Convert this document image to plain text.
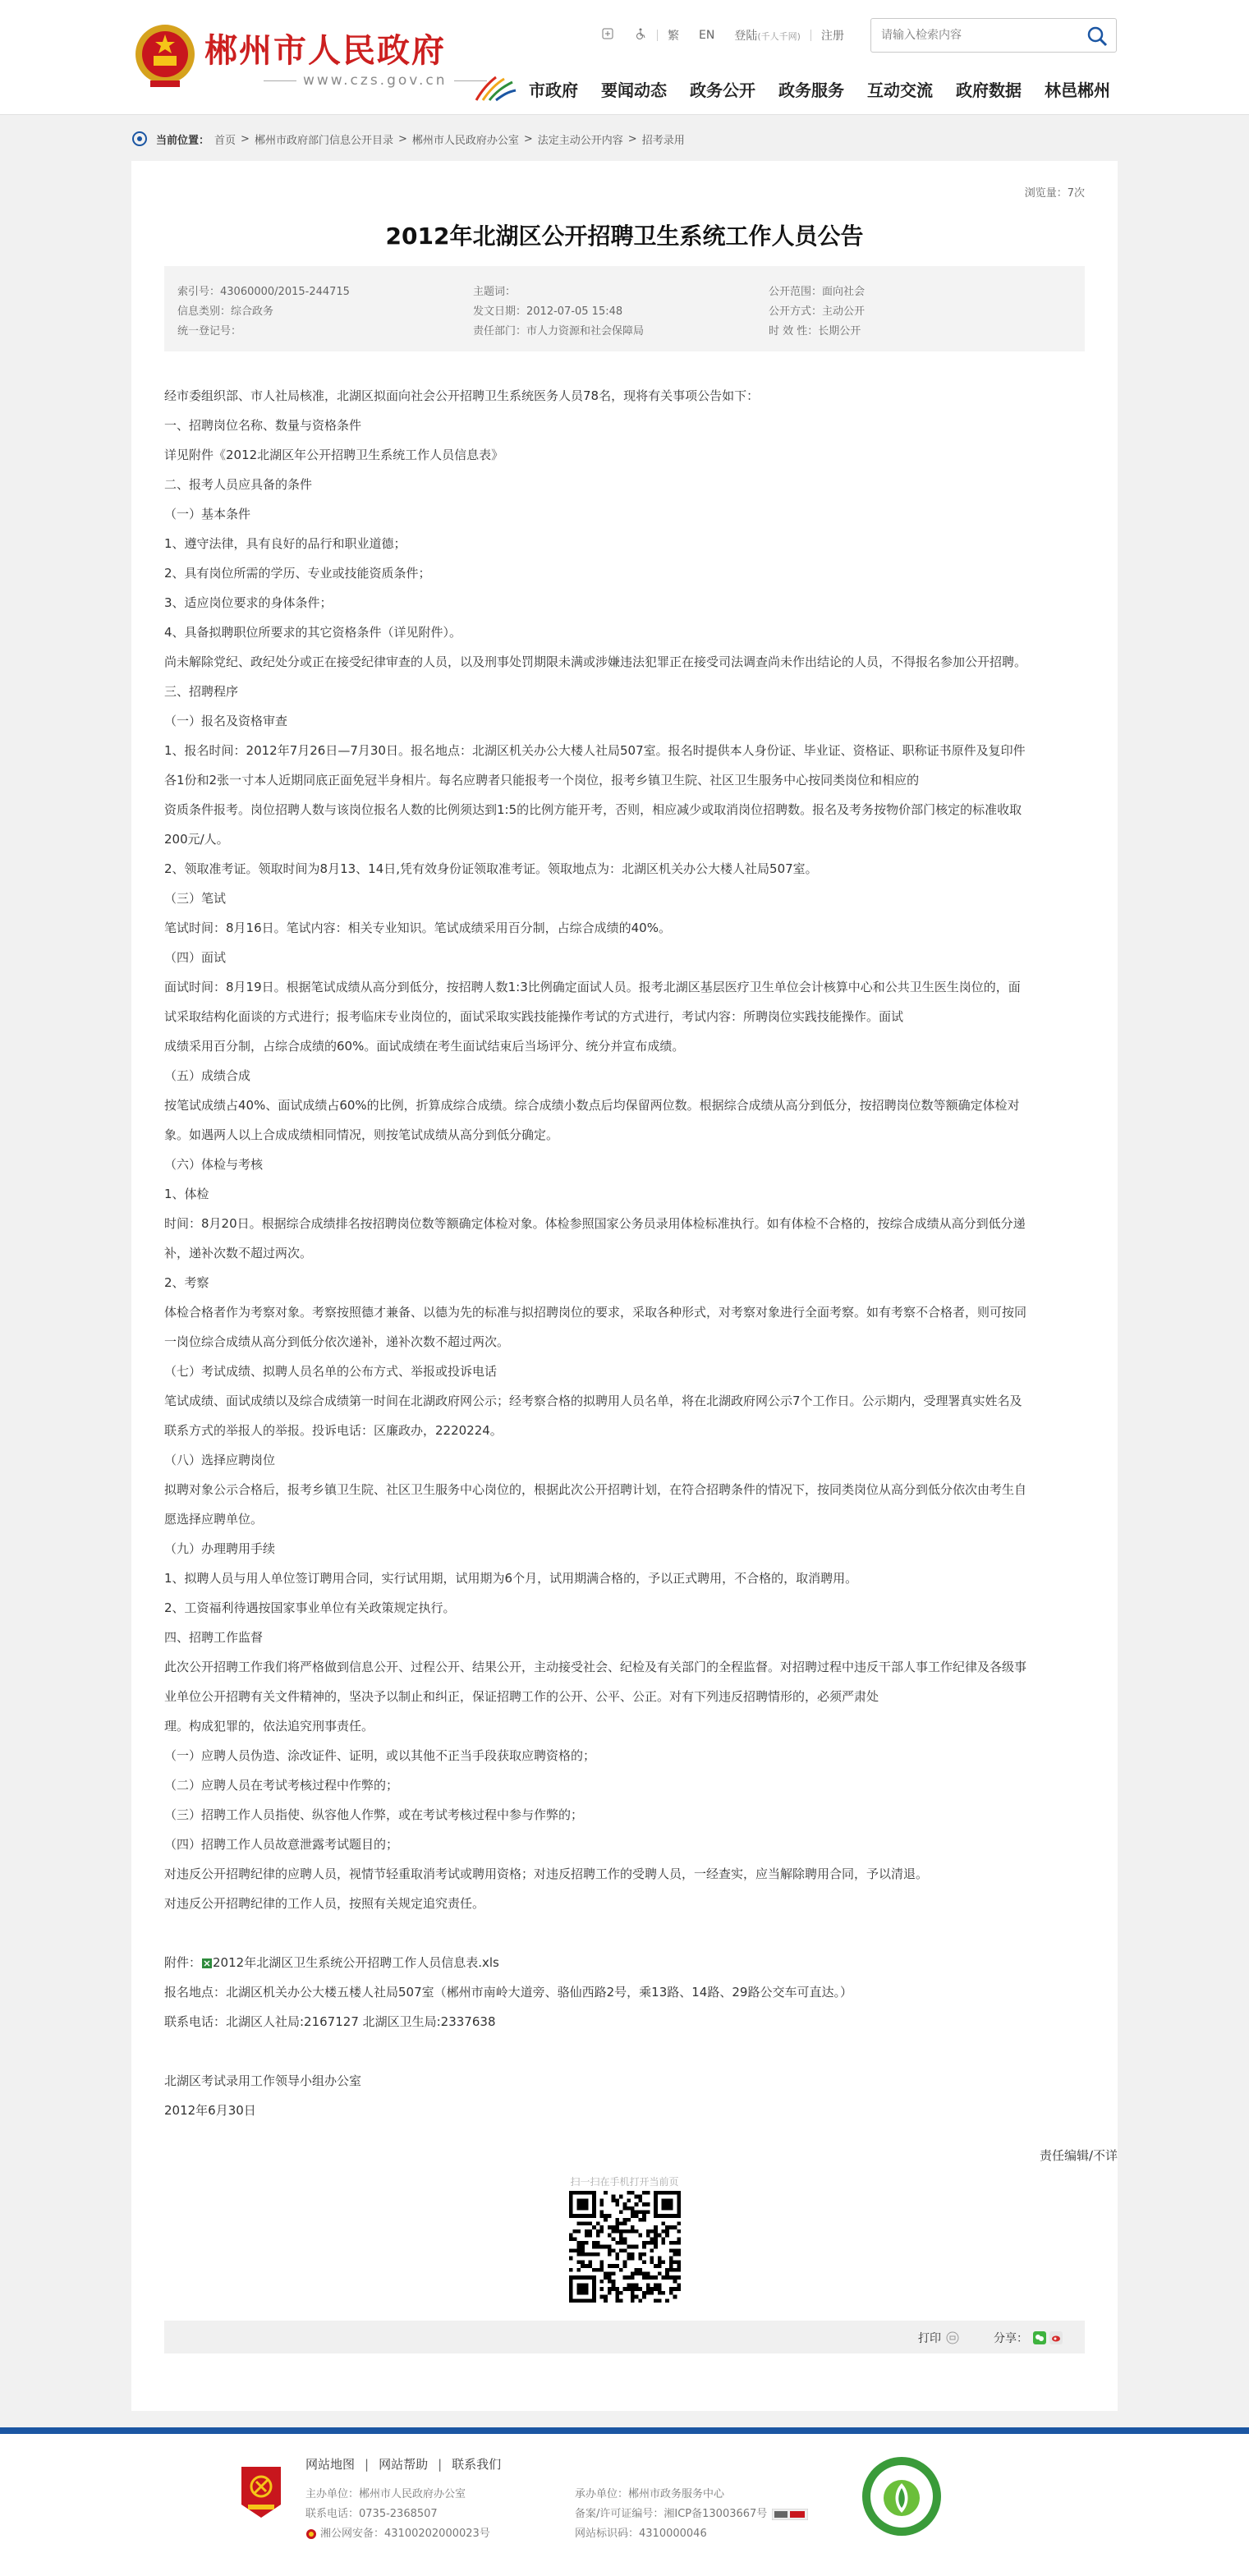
郴州市人民政府
www.czs.gov.cn
繁 EN 登陆(千人千网) 注册
请输入检索内容
市政府 要闻动态 政务公开 政务服务 互动交流 政府数据 林邑郴州
当前位置： 首页 > 郴州市政府部门信息公开目录 > 郴州市人民政府办公室 > 法定主动公开内容 > 招考录用
浏览量：7次
2012年北湖区公开招聘卫生系统工作人员公告
索引号：43060000/2015-244715	主题词：	公开范围：面向社会
信息类别：综合政务	发文日期：2012-07-05 15:48	公开方式：主动公开
统一登记号：	责任部门：市人力资源和社会保障局	时 效 性：长期公开
经市委组织部、市人社局核准，北湖区拟面向社会公开招聘卫生系统医务人员78名，现将有关事项公告如下：
一、招聘岗位名称、数量与资格条件
详见附件《2012北湖区年公开招聘卫生系统工作人员信息表》
二、报考人员应具备的条件
（一）基本条件
1、遵守法律，具有良好的品行和职业道德；
2、具有岗位所需的学历、专业或技能资质条件；
3、适应岗位要求的身体条件；
4、具备拟聘职位所要求的其它资格条件（详见附件）。
尚未解除党纪、政纪处分或正在接受纪律审查的人员，以及刑事处罚期限未满或涉嫌违法犯罪正在接受司法调查尚未作出结论的人员，不得报名参加公开招聘。
三、招聘程序
（一）报名及资格审查
1、报名时间：2012年7月26日—7月30日。报名地点：北湖区机关办公大楼人社局507室。报名时提供本人身份证、毕业证、资格证、职称证书原件及复印件
各1份和2张一寸本人近期同底正面免冠半身相片。每名应聘者只能报考一个岗位，报考乡镇卫生院、社区卫生服务中心按同类岗位和相应的
资质条件报考。岗位招聘人数与该岗位报名人数的比例须达到1:5的比例方能开考，否则，相应减少或取消岗位招聘数。报名及考务按物价部门核定的标准收取
200元/人。
2、领取准考证。领取时间为8月13、14日,凭有效身份证领取准考证。领取地点为：北湖区机关办公大楼人社局507室。
（三）笔试
笔试时间：8月16日。笔试内容：相关专业知识。笔试成绩采用百分制，占综合成绩的40%。
（四）面试
面试时间：8月19日。根据笔试成绩从高分到低分，按招聘人数1:3比例确定面试人员。报考北湖区基层医疗卫生单位会计核算中心和公共卫生医生岗位的，面
试采取结构化面谈的方式进行；报考临床专业岗位的，面试采取实践技能操作考试的方式进行，考试内容：所聘岗位实践技能操作。面试
成绩采用百分制，占综合成绩的60%。面试成绩在考生面试结束后当场评分、统分并宣布成绩。
（五）成绩合成
按笔试成绩占40%、面试成绩占60%的比例，折算成综合成绩。综合成绩小数点后均保留两位数。根据综合成绩从高分到低分，按招聘岗位数等额确定体检对
象。如遇两人以上合成成绩相同情况，则按笔试成绩从高分到低分确定。
（六）体检与考核
1、体检
时间：8月20日。根据综合成绩排名按招聘岗位数等额确定体检对象。体检参照国家公务员录用体检标准执行。如有体检不合格的，按综合成绩从高分到低分递
补，递补次数不超过两次。
2、考察
体检合格者作为考察对象。考察按照德才兼备、以德为先的标准与拟招聘岗位的要求，采取各种形式，对考察对象进行全面考察。如有考察不合格者，则可按同
一岗位综合成绩从高分到低分依次递补，递补次数不超过两次。
（七）考试成绩、拟聘人员名单的公布方式、举报或投诉电话
笔试成绩、面试成绩以及综合成绩第一时间在北湖政府网公示；经考察合格的拟聘用人员名单，将在北湖政府网公示7个工作日。公示期内，受理署真实姓名及
联系方式的举报人的举报。投诉电话：区廉政办，2220224。
（八）选择应聘岗位
拟聘对象公示合格后，报考乡镇卫生院、社区卫生服务中心岗位的，根据此次公开招聘计划，在符合招聘条件的情况下，按同类岗位从高分到低分依次由考生自
愿选择应聘单位。
（九）办理聘用手续
1、拟聘人员与用人单位签订聘用合同，实行试用期，试用期为6个月，试用期满合格的，予以正式聘用，不合格的，取消聘用。
2、工资福利待遇按国家事业单位有关政策规定执行。
四、招聘工作监督
此次公开招聘工作我们将严格做到信息公开、过程公开、结果公开，主动接受社会、纪检及有关部门的全程监督。对招聘过程中违反干部人事工作纪律及各级事
业单位公开招聘有关文件精神的，坚决予以制止和纠正，保证招聘工作的公开、公平、公正。对有下列违反招聘情形的，必须严肃处
理。构成犯罪的，依法追究刑事责任。
（一）应聘人员伪造、涂改证件、证明，或以其他不正当手段获取应聘资格的；
（二）应聘人员在考试考核过程中作弊的；
（三）招聘工作人员指使、纵容他人作弊，或在考试考核过程中参与作弊的；
（四）招聘工作人员故意泄露考试题目的；
对违反公开招聘纪律的应聘人员，视情节轻重取消考试或聘用资格；对违反招聘工作的受聘人员，一经查实，应当解除聘用合同，予以清退。
对违反公开招聘纪律的工作人员，按照有关规定追究责任。
附件： 2012年北湖区卫生系统公开招聘工作人员信息表.xls
报名地点：北湖区机关办公大楼五楼人社局507室（郴州市南岭大道旁、骆仙西路2号，乘13路、14路、29路公交车可直达。）
联系电话：北湖区人社局:2167127 北湖区卫生局:2337638
北湖区考试录用工作领导小组办公室
2012年6月30日
责任编辑/不详
扫一扫在手机打开当前页
打印	分享：
网站地图 | 网站帮助 | 联系我们
主办单位：郴州市人民政府办公室
联系电话：0735-2368507
湘公网安备：43100202000023号
承办单位：郴州市政务服务中心
备案/许可证编号：湘ICP备13003667号
网站标识码：4310000046
